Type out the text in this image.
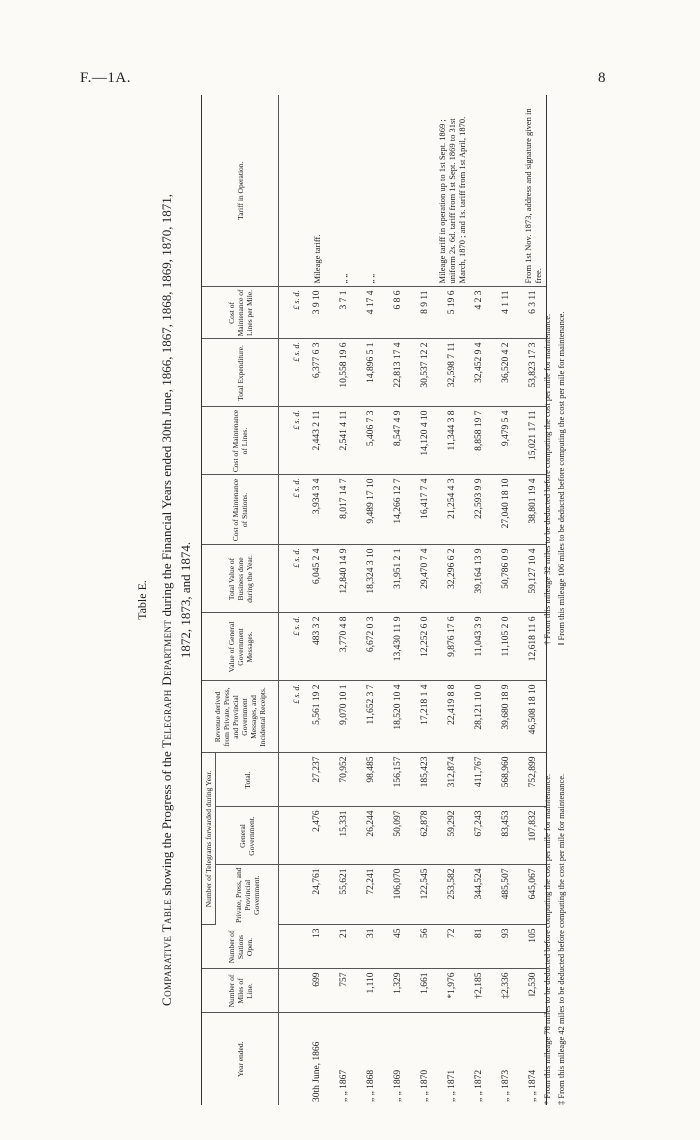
F.—1A.	8
Table E.
Comparative Table showing the Progress of the Telegraph Department during the Financial Years ended 30th June, 1866, 1867, 1868, 1869, 1870, 1871, 1872, 1873, and 1874.
Year ended.	Number of Miles of Line.	Number of Stations Open.	Number of Telegrams forwarded during Year.			Revenue derived from Private, Press, and Provincial Government Messages, and Incidental Receipts.	Value of General Government Messages.	Total Value of Business done during the Year.	Cost of Maintenance of Stations.	Cost of Maintenance of Lines.	Total Expenditure.	Cost of Maintenance of Lines per Mile.	Tariff in Operation.
			Private, Press, and Provincial Government.	General Government.	Total.								
						£ s. d.	£ s. d.	£ s. d.	£ s. d.	£ s. d.	£ s. d.	£ s. d.	
30th June, 1866	699	13	24,761	2,476	27,237	5,561 19 2	483 3 2	6,045 2 4	3,934 3 4	2,443 2 11	6,377 6 3	3 9 10	Mileage tariff.
„ „ 1867	757	21	55,621	15,331	70,952	9,070 10 1	3,770 4 8	12,840 14 9	8,017 14 7	2,541 4 11	10,558 19 6	3 7 1	„ „
„ „ 1868	1,110	31	72,241	26,244	98,485	11,652 3 7	6,672 0 3	18,324 3 10	9,489 17 10	5,406 7 3	14,896 5 1	4 17 4	„ „
„ „ 1869	1,329	45	106,070	50,097	156,157	18,520 10 4	13,430 11 9	31,951 2 1	14,266 12 7	8,547 4 9	22,813 17 4	6 8 6	Mileage tariff in operation up to 1st Sept. 1869 ; uniform 2s. 6d. tariff from 1st Sept. 1869 to 31st March, 1870 ; and 1s. tariff from 1st April, 1870.
„ „ 1870	1,661	56	122,545	62,878	185,423	17,218 1 4	12,252 6 0	29,470 7 4	16,417 7 4	14,120 4 10	30,537 12 2	8 9 11	
„ „ 1871	*1,976	72	253,582	59,292	312,874	22,419 8 8	9,876 17 6	32,296 6 2	21,254 4 3	11,344 3 8	32,598 7 11	5 19 6	
„ „ 1872	†2,185	81	344,524	67,243	411,767	28,121 10 0	11,043 3 9	39,164 13 9	22,593 9 9	8,858 19 7	32,452 9 4	4 2 3	
„ „ 1873	‡2,336	93	485,507	83,453	568,960	39,680 18 9	11,105 2 0	50,786 0 9	27,040 18 10	9,479 5 4	36,520 4 2	4 1 11	
„ „ 1874	‖2,530	105	645,067	107,832	752,899	46,508 18 10	12,618 11 6	59,127 10 4	38,801 19 4	15,021 17 11	53,823 17 3	6 3 11	From 1st Nov. 1873, address and signature given in free.
* From this mileage 78 miles to be deducted before computing the cost per mile for maintenance.
† From this mileage 32 miles to be deducted before computing the cost per mile for maintenance.
‡ From this mileage 42 miles to be deducted before computing the cost per mile for maintenance.
‖ From this mileage 106 miles to be deducted before computing the cost per mile for maintenance.
